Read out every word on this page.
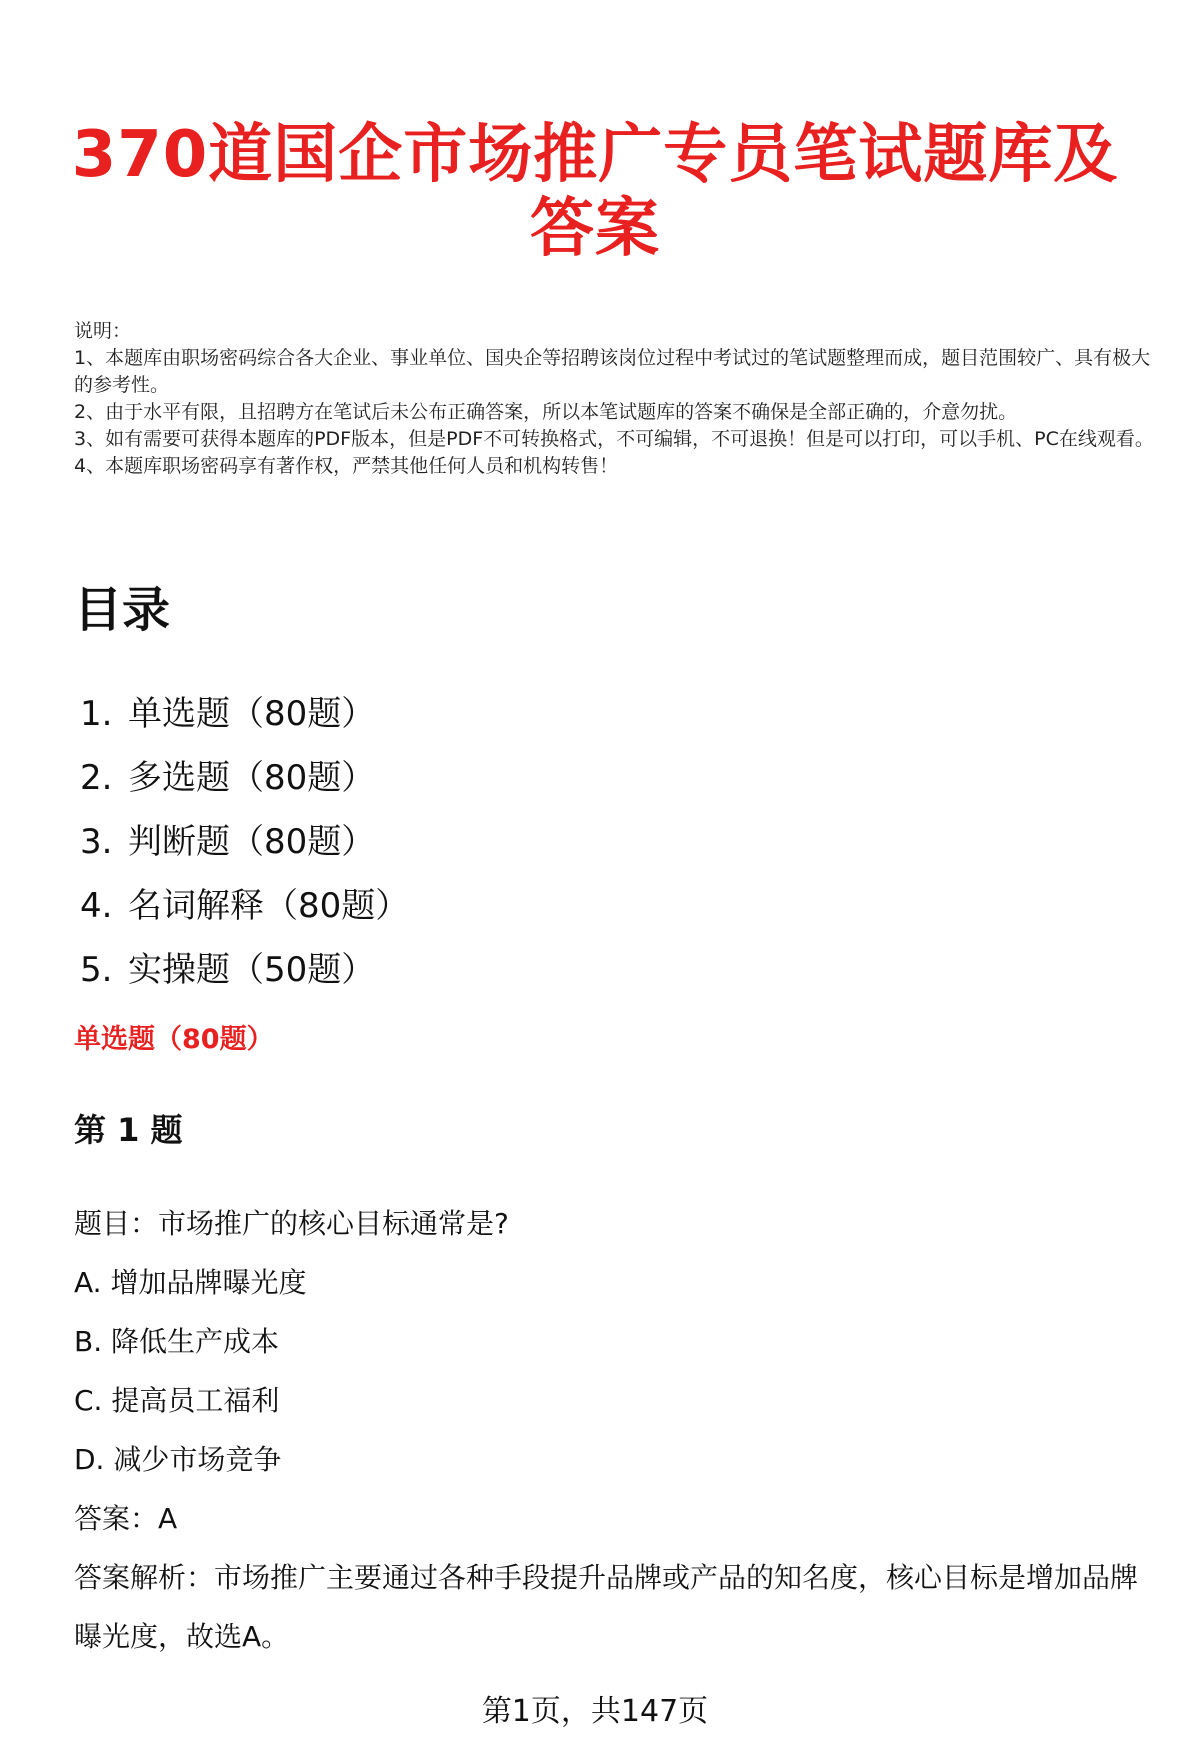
370道国企市场推广专员笔试题库及
答案
说明：
1、本题库由职场密码综合各大企业、事业单位、国央企等招聘该岗位过程中考试过的笔试题整理而成，题目范围较广、具有极大的参考性。
2、由于水平有限，且招聘方在笔试后未公布正确答案，所以本笔试题库的答案不确保是全部正确的，介意勿扰。
3、如有需要可获得本题库的PDF版本，但是PDF不可转换格式，不可编辑，不可退换！但是可以打印，可以手机、PC在线观看。
4、本题库职场密码享有著作权，严禁其他任何人员和机构转售！
目录
1. 单选题（80题）
2. 多选题（80题）
3. 判断题（80题）
4. 名词解释（80题）
5. 实操题（50题）
单选题（80题）
第 1 题
题目：市场推广的核心目标通常是?
A. 增加品牌曝光度
B. 降低生产成本
C. 提高员工福利
D. 减少市场竞争
答案：A
答案解析：市场推广主要通过各种手段提升品牌或产品的知名度，核心目标是增加品牌曝光度，故选A。
第1页，共147页
